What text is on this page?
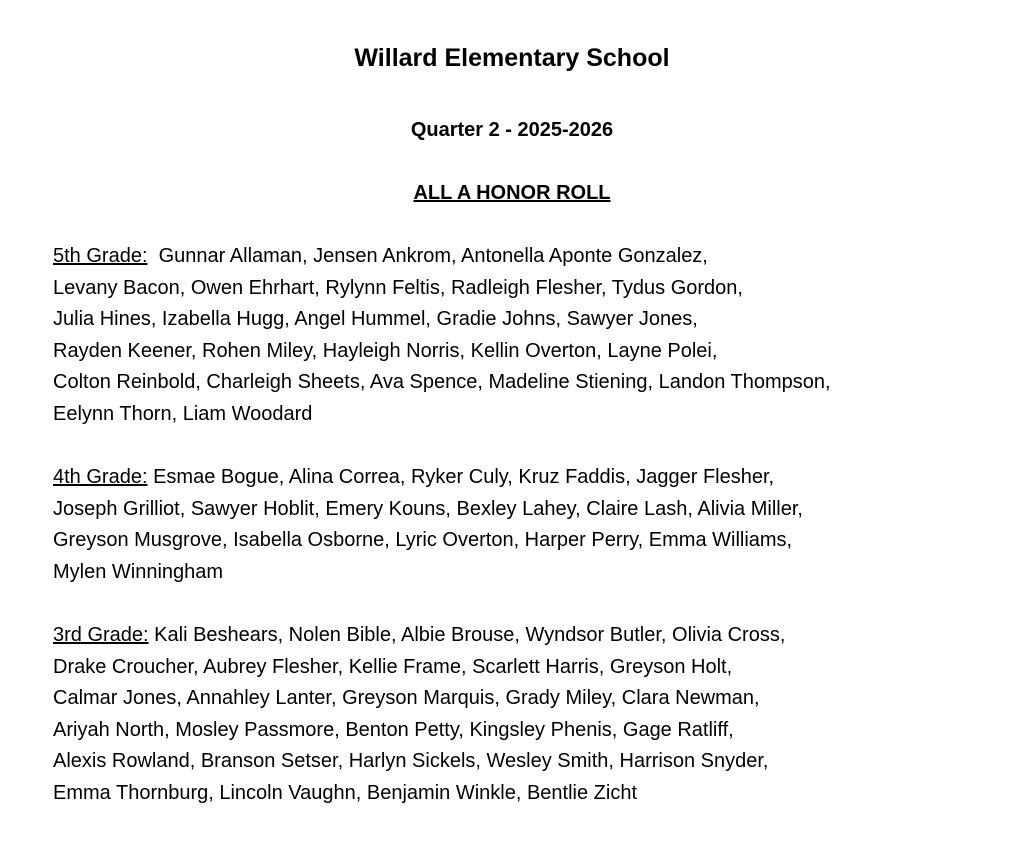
Willard Elementary School
Quarter 2 - 2025-2026
ALL A HONOR ROLL
5th Grade:  Gunnar Allaman, Jensen Ankrom, Antonella Aponte Gonzalez,
Levany Bacon, Owen Ehrhart, Rylynn Feltis, Radleigh Flesher, Tydus Gordon,
Julia Hines, Izabella Hugg, Angel Hummel, Gradie Johns, Sawyer Jones,
Rayden Keener, Rohen Miley, Hayleigh Norris, Kellin Overton, Layne Polei,
Colton Reinbold, Charleigh Sheets, Ava Spence, Madeline Stiening, Landon Thompson,
Eelynn Thorn, Liam Woodard
4th Grade: Esmae Bogue, Alina Correa, Ryker Culy, Kruz Faddis, Jagger Flesher,
Joseph Grilliot, Sawyer Hoblit, Emery Kouns, Bexley Lahey, Claire Lash, Alivia Miller,
Greyson Musgrove, Isabella Osborne, Lyric Overton, Harper Perry, Emma Williams,
Mylen Winningham
3rd Grade: Kali Beshears, Nolen Bible, Albie Brouse, Wyndsor Butler, Olivia Cross,
Drake Croucher, Aubrey Flesher, Kellie Frame, Scarlett Harris, Greyson Holt,
Calmar Jones, Annahley Lanter, Greyson Marquis, Grady Miley, Clara Newman,
Ariyah North, Mosley Passmore, Benton Petty, Kingsley Phenis, Gage Ratliff,
Alexis Rowland, Branson Setser, Harlyn Sickels, Wesley Smith, Harrison Snyder,
Emma Thornburg, Lincoln Vaughn, Benjamin Winkle, Bentlie Zicht
